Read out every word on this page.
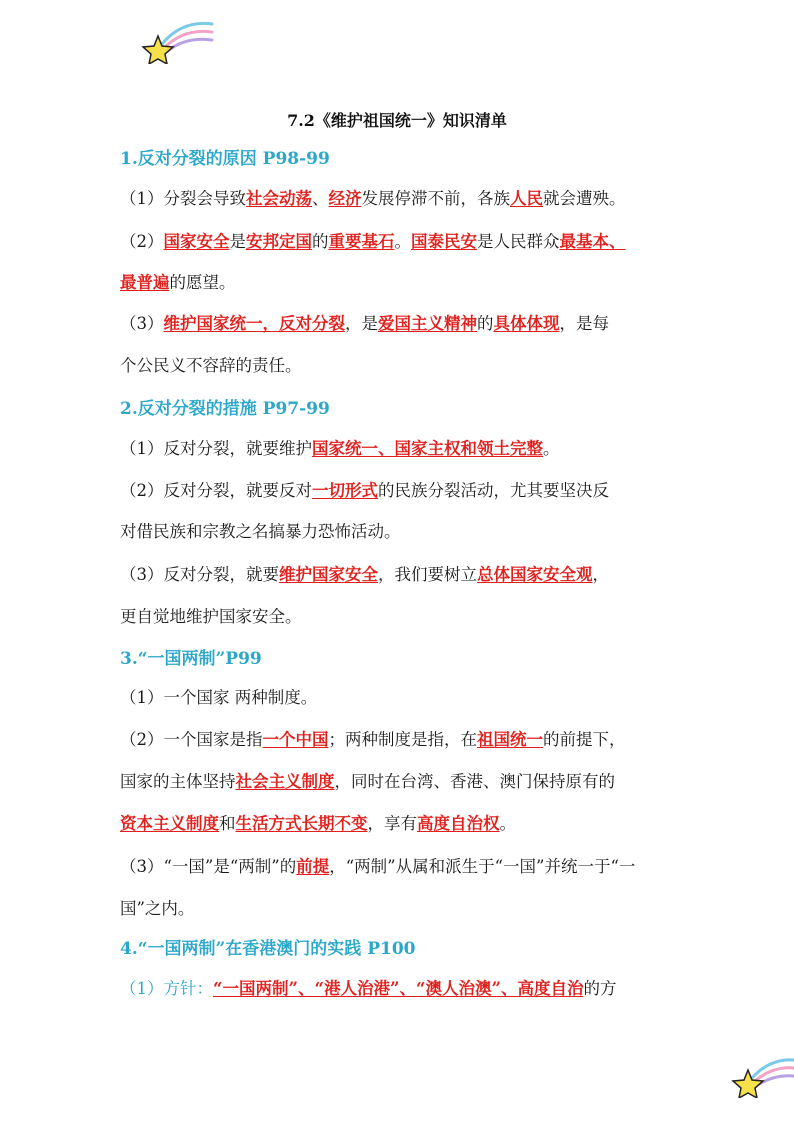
7.2《维护祖国统一》知识清单
1.反对分裂的原因 P98-99
（1）分裂会导致社会动荡、经济发展停滞不前，各族人民就会遭殃。
（2）国家安全是安邦定国的重要基石。国泰民安是人民群众最基本、
最普遍的愿望。
（3）维护国家统一，反对分裂，是爱国主义精神的具体体现，是每
个公民义不容辞的责任。
2.反对分裂的措施 P97-99
（1）反对分裂，就要维护国家统一、国家主权和领土完整。
（2）反对分裂，就要反对一切形式的民族分裂活动，尤其要坚决反
对借民族和宗教之名搞暴力恐怖活动。
（3）反对分裂，就要维护国家安全，我们要树立总体国家安全观，
更自觉地维护国家安全。
3.“一国两制”P99
（1）一个国家 两种制度。
（2）一个国家是指一个中国；两种制度是指，在祖国统一的前提下，
国家的主体坚持社会主义制度，同时在台湾、香港、澳门保持原有的
资本主义制度和生活方式长期不变，享有高度自治权。
（3）“一国”是“两制”的前提，“两制”从属和派生于“一国”并统一于“一
国”之内。
4.“一国两制”在香港澳门的实践 P100
（1）方针：“一国两制”、“港人治港”、“澳人治澳”、高度自治的方
